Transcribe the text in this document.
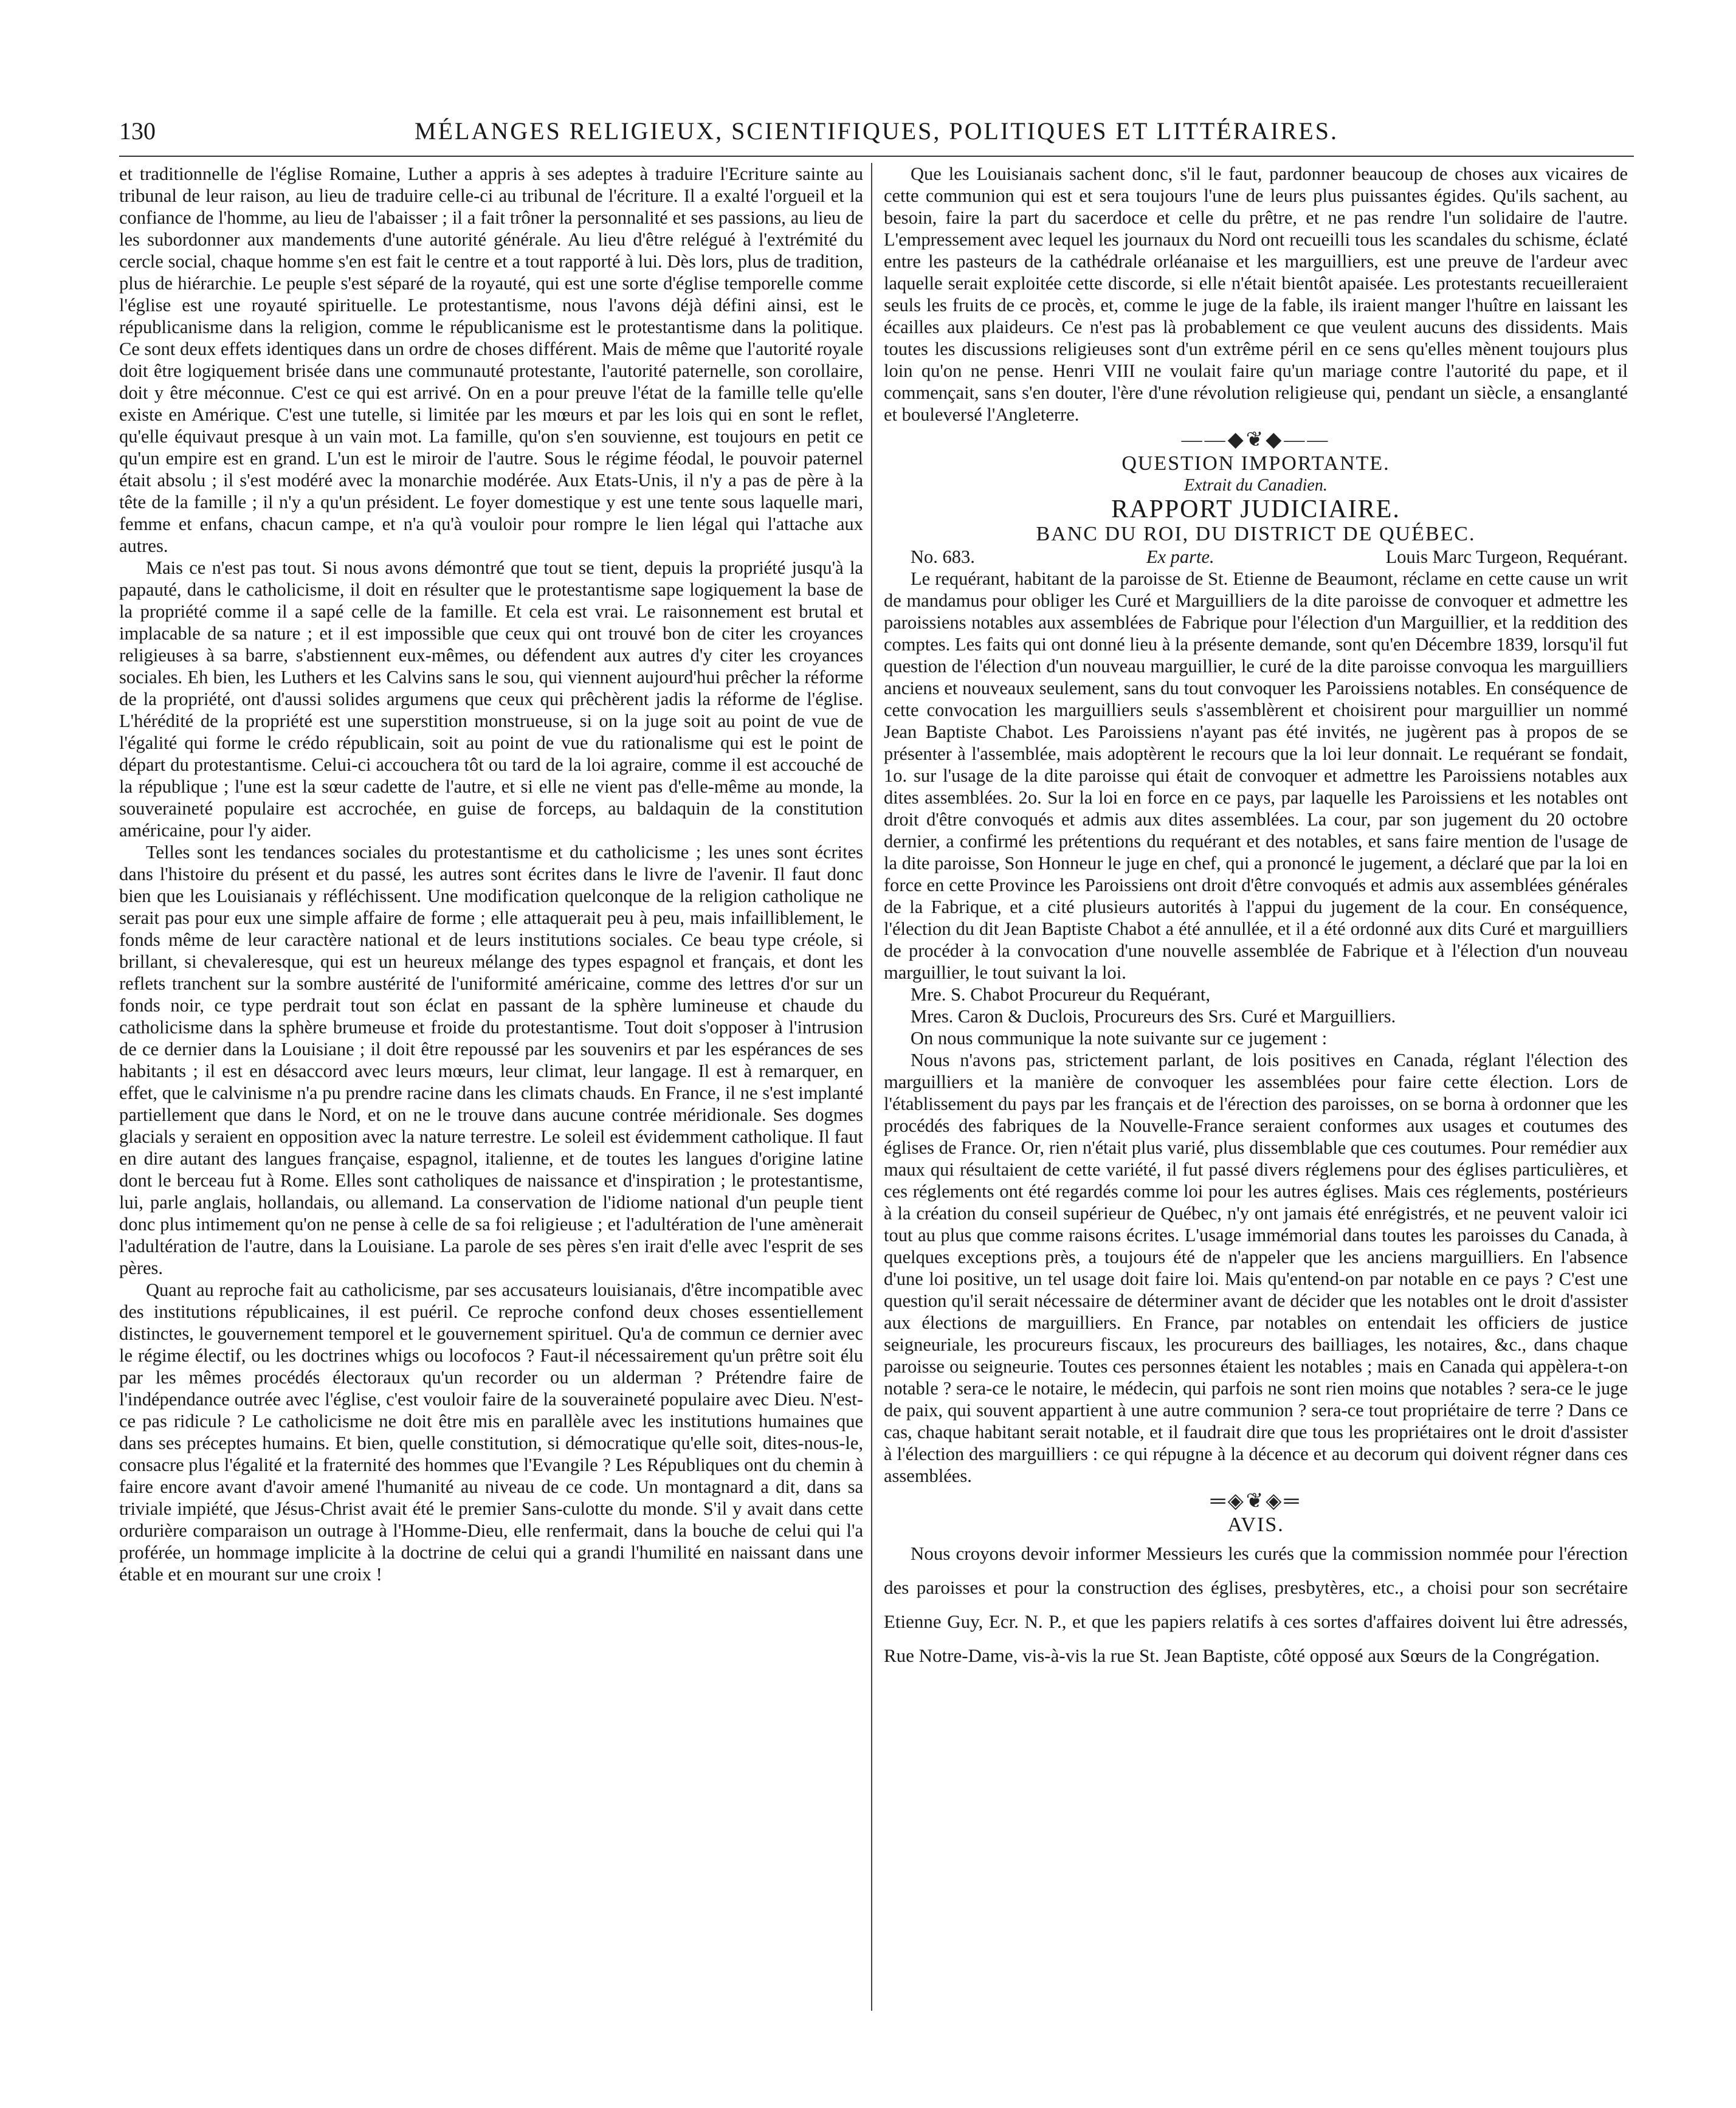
130	MÉLANGES RELIGIEUX, SCIENTIFIQUES, POLITIQUES ET LITTÉRAIRES.

et traditionnelle de l'église Romaine, Luther a appris à ses adeptes à traduire l'Ecriture sainte au tribunal de leur raison, au lieu de traduire celle-ci au tribunal de l'écriture. Il a exalté l'orgueil et la confiance de l'homme, au lieu de l'abaisser ; il a fait trôner la personnalité et ses passions, au lieu de les subordonner aux mandements d'une autorité générale. Au lieu d'être relégué à l'extrémité du cercle social, chaque homme s'en est fait le centre et a tout rapporté à lui. Dès lors, plus de tradition, plus de hiérarchie. Le peuple s'est séparé de la royauté, qui est une sorte d'église temporelle comme l'église est une royauté spirituelle. Le protestantisme, nous l'avons déjà défini ainsi, est le républicanisme dans la religion, comme le républicanisme est le protestantisme dans la politique. Ce sont deux effets identiques dans un ordre de choses différent. Mais de même que l'autorité royale doit être logiquement brisée dans une communauté protestante, l'autorité paternelle, son corollaire, doit y être méconnue. C'est ce qui est arrivé. On en a pour preuve l'état de la famille telle qu'elle existe en Amérique. C'est une tutelle, si limitée par les mœurs et par les lois qui en sont le reflet, qu'elle équivaut presque à un vain mot. La famille, qu'on s'en souvienne, est toujours en petit ce qu'un empire est en grand. L'un est le miroir de l'autre. Sous le régime féodal, le pouvoir paternel était absolu ; il s'est modéré avec la monarchie modérée. Aux Etats-Unis, il n'y a pas de père à la tête de la famille ; il n'y a qu'un président. Le foyer domestique y est une tente sous laquelle mari, femme et enfans, chacun campe, et n'a qu'à vouloir pour rompre le lien légal qui l'attache aux autres.

Mais ce n'est pas tout. Si nous avons démontré que tout se tient, depuis la propriété jusqu'à la papauté, dans le catholicisme, il doit en résulter que le protestantisme sape logiquement la base de la propriété comme il a sapé celle de la famille. Et cela est vrai. Le raisonnement est brutal et implacable de sa nature ; et il est impossible que ceux qui ont trouvé bon de citer les croyances religieuses à sa barre, s'abstiennent eux-mêmes, ou défendent aux autres d'y citer les croyances sociales. Eh bien, les Luthers et les Calvins sans le sou, qui viennent aujourd'hui prêcher la réforme de la propriété, ont d'aussi solides argumens que ceux qui prêchèrent jadis la réforme de l'église. L'hérédité de la propriété est une superstition monstrueuse, si on la juge soit au point de vue de l'égalité qui forme le crédo républicain, soit au point de vue du rationalisme qui est le point de départ du protestantisme. Celui-ci accouchera tôt ou tard de la loi agraire, comme il est accouché de la république ; l'une est la sœur cadette de l'autre, et si elle ne vient pas d'elle-même au monde, la souveraineté populaire est accrochée, en guise de forceps, au baldaquin de la constitution américaine, pour l'y aider.

Telles sont les tendances sociales du protestantisme et du catholicisme ; les unes sont écrites dans l'histoire du présent et du passé, les autres sont écrites dans le livre de l'avenir. Il faut donc bien que les Louisianais y réfléchissent. Une modification quelconque de la religion catholique ne serait pas pour eux une simple affaire de forme ; elle attaquerait peu à peu, mais infailliblement, le fonds même de leur caractère national et de leurs institutions sociales. Ce beau type créole, si brillant, si chevaleresque, qui est un heureux mélange des types espagnol et français, et dont les reflets tranchent sur la sombre austérité de l'uniformité américaine, comme des lettres d'or sur un fonds noir, ce type perdrait tout son éclat en passant de la sphère lumineuse et chaude du catholicisme dans la sphère brumeuse et froide du protestantisme. Tout doit s'opposer à l'intrusion de ce dernier dans la Louisiane ; il doit être repoussé par les souvenirs et par les espérances de ses habitants ; il est en désaccord avec leurs mœurs, leur climat, leur langage. Il est à remarquer, en effet, que le calvinisme n'a pu prendre racine dans les climats chauds. En France, il ne s'est implanté partiellement que dans le Nord, et on ne le trouve dans aucune contrée méridionale. Ses dogmes glacials y seraient en opposition avec la nature terrestre. Le soleil est évidemment catholique. Il faut en dire autant des langues française, espagnol, italienne, et de toutes les langues d'origine latine dont le berceau fut à Rome. Elles sont catholiques de naissance et d'inspiration ; le protestantisme, lui, parle anglais, hollandais, ou allemand. La conservation de l'idiome national d'un peuple tient donc plus intimement qu'on ne pense à celle de sa foi religieuse ; et l'adultération de l'une amènerait l'adultération de l'autre, dans la Louisiane. La parole de ses pères s'en irait d'elle avec l'esprit de ses pères.

Quant au reproche fait au catholicisme, par ses accusateurs louisianais, d'être incompatible avec des institutions républicaines, il est puéril. Ce reproche confond deux choses essentiellement distinctes, le gouvernement temporel et le gouvernement spirituel. Qu'a de commun ce dernier avec le régime électif, ou les doctrines whigs ou locofocos ? Faut-il nécessairement qu'un prêtre soit élu par les mêmes procédés électoraux qu'un recorder ou un alderman ? Prétendre faire de l'indépendance outrée avec l'église, c'est vouloir faire de la souveraineté populaire avec Dieu. N'est-ce pas ridicule ? Le catholicisme ne doit être mis en parallèle avec les institutions humaines que dans ses préceptes humains. Et bien, quelle constitution, si démocratique qu'elle soit, dites-nous-le, consacre plus l'égalité et la fraternité des hommes que l'Evangile ? Les Républiques ont du chemin à faire encore avant d'avoir amené l'humanité au niveau de ce code. Un montagnard a dit, dans sa triviale impiété, que Jésus-Christ avait été le premier Sans-culotte du monde. S'il y avait dans cette ordurière comparaison un outrage à l'Homme-Dieu, elle renfermait, dans la bouche de celui qui l'a proférée, un hommage implicite à la doctrine de celui qui a grandi l'humilité en naissant dans une étable et en mourant sur une croix !

Que les Louisianais sachent donc, s'il le faut, pardonner beaucoup de choses aux vicaires de cette communion qui est et sera toujours l'une de leurs plus puissantes égides. Qu'ils sachent, au besoin, faire la part du sacerdoce et celle du prêtre, et ne pas rendre l'un solidaire de l'autre. L'empressement avec lequel les journaux du Nord ont recueilli tous les scandales du schisme, éclaté entre les pasteurs de la cathédrale orléanaise et les marguilliers, est une preuve de l'ardeur avec laquelle serait exploitée cette discorde, si elle n'était bientôt apaisée. Les protestants recueilleraient seuls les fruits de ce procès, et, comme le juge de la fable, ils iraient manger l'huître en laissant les écailles aux plaideurs. Ce n'est pas là probablement ce que veulent aucuns des dissidents. Mais toutes les discussions religieuses sont d'un extrême péril en ce sens qu'elles mènent toujours plus loin qu'on ne pense. Henri VIII ne voulait faire qu'un mariage contre l'autorité du pape, et il commençait, sans s'en douter, l'ère d'une révolution religieuse qui, pendant un siècle, a ensanglanté et bouleversé l'Angleterre.

——◆❦◆——
QUESTION IMPORTANTE.
Extrait du Canadien.
RAPPORT JUDICIAIRE.
BANC DU ROI, DU DISTRICT DE QUÉBEC.

No. 683.	Ex parte.	Louis Marc Turgeon, Requérant.

Le requérant, habitant de la paroisse de St. Etienne de Beaumont, réclame en cette cause un writ de mandamus pour obliger les Curé et Marguilliers de la dite paroisse de convoquer et admettre les paroissiens notables aux assemblées de Fabrique pour l'élection d'un Marguillier, et la reddition des comptes. Les faits qui ont donné lieu à la présente demande, sont qu'en Décembre 1839, lorsqu'il fut question de l'élection d'un nouveau marguillier, le curé de la dite paroisse convoqua les marguilliers anciens et nouveaux seulement, sans du tout convoquer les Paroissiens notables. En conséquence de cette convocation les marguilliers seuls s'assemblèrent et choisirent pour marguillier un nommé Jean Baptiste Chabot. Les Paroissiens n'ayant pas été invités, ne jugèrent pas à propos de se présenter à l'assemblée, mais adoptèrent le recours que la loi leur donnait. Le requérant se fondait, 1o. sur l'usage de la dite paroisse qui était de convoquer et admettre les Paroissiens notables aux dites assemblées. 2o. Sur la loi en force en ce pays, par laquelle les Paroissiens et les notables ont droit d'être convoqués et admis aux dites assemblées. La cour, par son jugement du 20 octobre dernier, a confirmé les prétentions du requérant et des notables, et sans faire mention de l'usage de la dite paroisse, Son Honneur le juge en chef, qui a prononcé le jugement, a déclaré que par la loi en force en cette Province les Paroissiens ont droit d'être convoqués et admis aux assemblées générales de la Fabrique, et a cité plusieurs autorités à l'appui du jugement de la cour. En conséquence, l'élection du dit Jean Baptiste Chabot a été annullée, et il a été ordonné aux dits Curé et marguilliers de procéder à la convocation d'une nouvelle assemblée de Fabrique et à l'élection d'un nouveau marguillier, le tout suivant la loi.

Mre. S. Chabot Procureur du Requérant,

Mres. Caron & Duclois, Procureurs des Srs. Curé et Marguilliers.

On nous communique la note suivante sur ce jugement :

Nous n'avons pas, strictement parlant, de lois positives en Canada, réglant l'élection des marguilliers et la manière de convoquer les assemblées pour faire cette élection. Lors de l'établissement du pays par les français et de l'érection des paroisses, on se borna à ordonner que les procédés des fabriques de la Nouvelle-France seraient conformes aux usages et coutumes des églises de France. Or, rien n'était plus varié, plus dissemblable que ces coutumes. Pour remédier aux maux qui résultaient de cette variété, il fut passé divers réglemens pour des églises particulières, et ces réglements ont été regardés comme loi pour les autres églises. Mais ces réglements, postérieurs à la création du conseil supérieur de Québec, n'y ont jamais été enrégistrés, et ne peuvent valoir ici tout au plus que comme raisons écrites. L'usage immémorial dans toutes les paroisses du Canada, à quelques exceptions près, a toujours été de n'appeler que les anciens marguilliers. En l'absence d'une loi positive, un tel usage doit faire loi. Mais qu'entend-on par notable en ce pays ? C'est une question qu'il serait nécessaire de déterminer avant de décider que les notables ont le droit d'assister aux élections de marguilliers. En France, par notables on entendait les officiers de justice seigneuriale, les procureurs fiscaux, les procureurs des bailliages, les notaires, &c., dans chaque paroisse ou seigneurie. Toutes ces personnes étaient les notables ; mais en Canada qui appèlera-t-on notable ? sera-ce le notaire, le médecin, qui parfois ne sont rien moins que notables ? sera-ce le juge de paix, qui souvent appartient à une autre communion ? sera-ce tout propriétaire de terre ? Dans ce cas, chaque habitant serait notable, et il faudrait dire que tous les propriétaires ont le droit d'assister à l'élection des marguilliers : ce qui répugne à la décence et au decorum qui doivent régner dans ces assemblées.

═◈❦◈═
AVIS.

Nous croyons devoir informer Messieurs les curés que la commission nommée pour l'érection des paroisses et pour la construction des églises, presbytères, etc., a choisi pour son secrétaire Etienne Guy, Ecr. N. P., et que les papiers relatifs à ces sortes d'affaires doivent lui être adressés, Rue Notre-Dame, vis-à-vis la rue St. Jean Baptiste, côté opposé aux Sœurs de la Congrégation.
